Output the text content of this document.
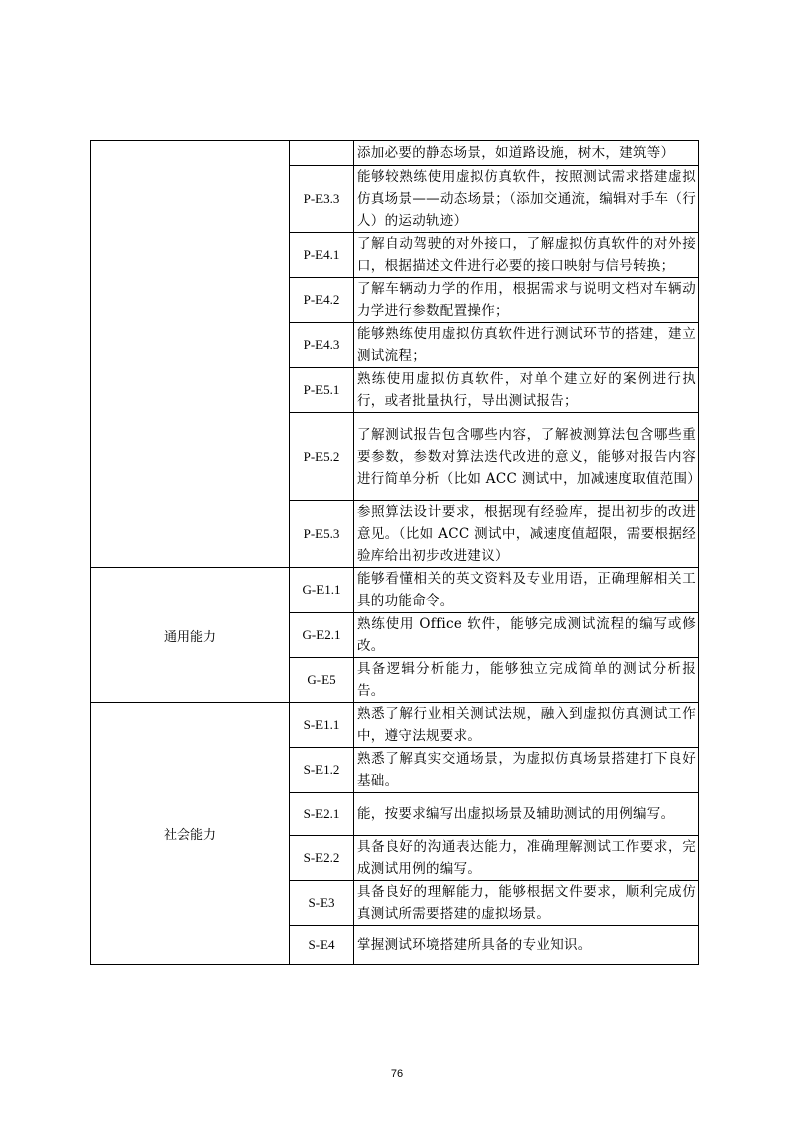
		添加必要的静态场景，如道路设施，树木，建筑等）
	P-E3.3	能够较熟练使用虚拟仿真软件，按照测试需求搭建虚拟仿真场景——动态场景；（添加交通流，编辑对手车（行人）的运动轨迹）
	P-E4.1	了解自动驾驶的对外接口，了解虚拟仿真软件的对外接口，根据描述文件进行必要的接口映射与信号转换；
	P-E4.2	了解车辆动力学的作用，根据需求与说明文档对车辆动力学进行参数配置操作；
	P-E4.3	能够熟练使用虚拟仿真软件进行测试环节的搭建，建立测试流程；
	P-E5.1	熟练使用虚拟仿真软件，对单个建立好的案例进行执行，或者批量执行，导出测试报告；
	P-E5.2	了解测试报告包含哪些内容，了解被测算法包含哪些重要参数，参数对算法迭代改进的意义，能够对报告内容进行简单分析（比如 ACC 测试中，加减速度取值范围）
	P-E5.3	参照算法设计要求，根据现有经验库，提出初步的改进意见。（比如 ACC 测试中，减速度值超限，需要根据经验库给出初步改进建议）
通用能力	G-E1.1	能够看懂相关的英文资料及专业用语，正确理解相关工具的功能命令。
	G-E2.1	熟练使用 Office 软件，能够完成测试流程的编写或修改。
	G-E5	具备逻辑分析能力，能够独立完成简单的测试分析报告。
社会能力	S-E1.1	熟悉了解行业相关测试法规，融入到虚拟仿真测试工作中，遵守法规要求。
	S-E1.2	熟悉了解真实交通场景，为虚拟仿真场景搭建打下良好基础。
	S-E2.1	能，按要求编写出虚拟场景及辅助测试的用例编写。
	S-E2.2	具备良好的沟通表达能力，准确理解测试工作要求，完成测试用例的编写。
	S-E3	具备良好的理解能力，能够根据文件要求，顺利完成仿真测试所需要搭建的虚拟场景。
	S-E4	掌握测试环境搭建所具备的专业知识。
76
